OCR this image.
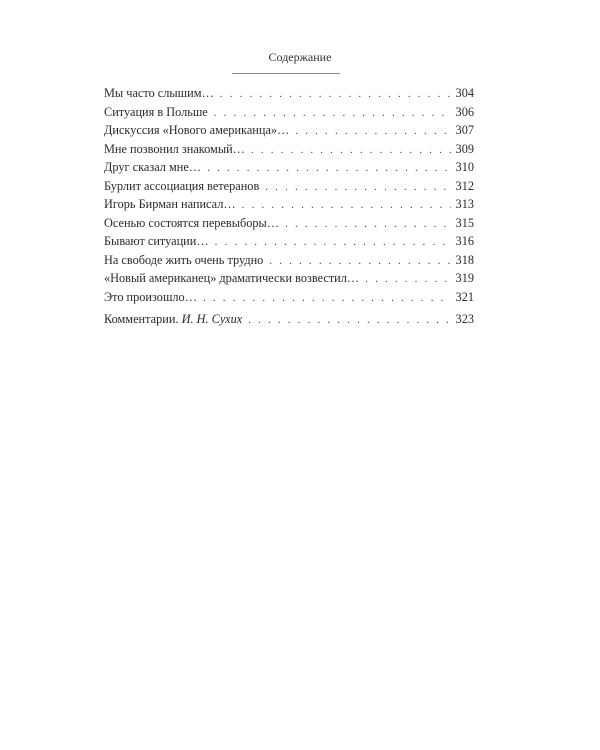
Содержание
Мы часто слышим… . . .	304
Ситуация в Польше . . .	306
Дискуссия «Нового американца»… . . .	307
Мне позвонил знакомый… . . .	309
Друг сказал мне… . . .	310
Бурлит ассоциация ветеранов . . .	312
Игорь Бирман написал… . . .	313
Осенью состоятся перевыборы… . . .	315
Бывают ситуации… . . .	316
На свободе жить очень трудно . . .	318
«Новый американец» драматически возвестил… . . .	319
Это произошло… . . .	321
Комментарии. И. Н. Сухих . . .	323
